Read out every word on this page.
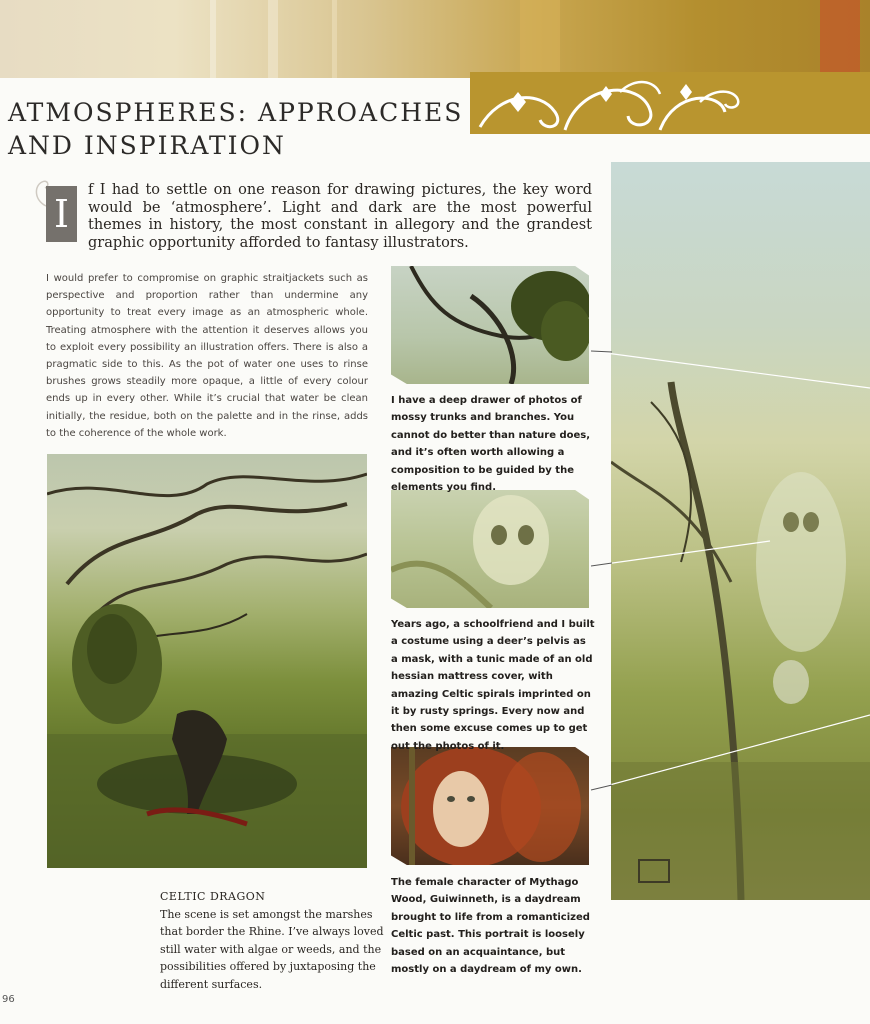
ATMOSPHERES: APPROACHES
AND INSPIRATION
I

f I had to settle on one reason for drawing pictures, the key word would be ‘atmosphere’. Light and dark are the most powerful themes in history, the most constant in allegory and the grandest graphic opportunity afforded to fantasy illustrators.

I would prefer to compromise on graphic straitjackets such as perspective and proportion rather than undermine any opportunity to treat every image as an atmospheric whole. Treating atmosphere with the attention it deserves allows you to exploit every possibility an illustration offers. There is also a pragmatic side to this. As the pot of water one uses to rinse brushes grows steadily more opaque, a little of every colour ends up in every other. While it’s crucial that water be clean initially, the residue, both on the palette and in the rinse, adds to the coherence of the whole work.

I have a deep drawer of photos of mossy trunks and branches. You cannot do better than nature does, and it’s often worth allowing a composition to be guided by the elements you find.

Years ago, a schoolfriend and I built a costume using a deer’s pelvis as a mask, with a tunic made of an old hessian mattress cover, with amazing Celtic spirals imprinted on it by rusty springs. Every now and then some excuse comes up to get out the photos of it.

The female character of Mythago Wood, Guiwinneth, is a daydream brought to life from a romanticized Celtic past. This portrait is loosely based on an acquaintance, but mostly on a daydream of my own.

CELTIC DRAGON

The scene is set amongst the marshes that border the Rhine. I’ve always loved still water with algae or weeds, and the possibilities offered by juxtaposing the different surfaces.

96
